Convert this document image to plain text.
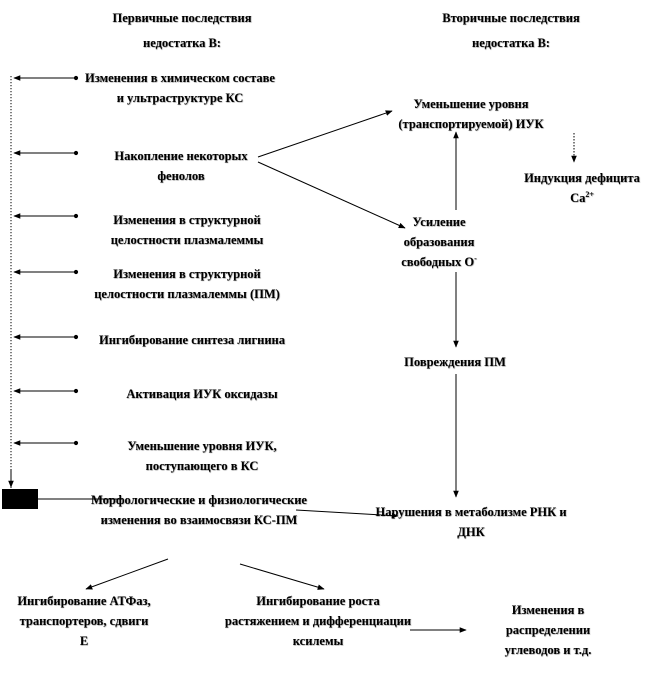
Первичные последствия недостатка В:
Вторичные последствия недостатка В:
Изменения в химическом составе и ультраструктуре КС
Накопление некоторых фенолов
Изменения в структурной целостности плазмалеммы
Изменения в структурной целостности плазмалеммы (ПМ)
Ингибирование синтеза лигнина
Активация ИУК оксидазы
Уменьшение уровня ИУК, поступающего в КС
Морфологические и физиологические изменения во взаимосвязи КС-ПМ
Уменьшение уровня (транспортируемой) ИУК
Индукция дефицита $Ca^{2+}$
Усиление образования свободных О-
Повреждения ПМ
Нарушения в метаболизме РНК и ДНК
Ингибирование АТФаз, транспортеров, сдвиги Е
Ингибирование роста растяжением и дифференциации ксилемы
Изменения в распределении углеводов и т.д.
